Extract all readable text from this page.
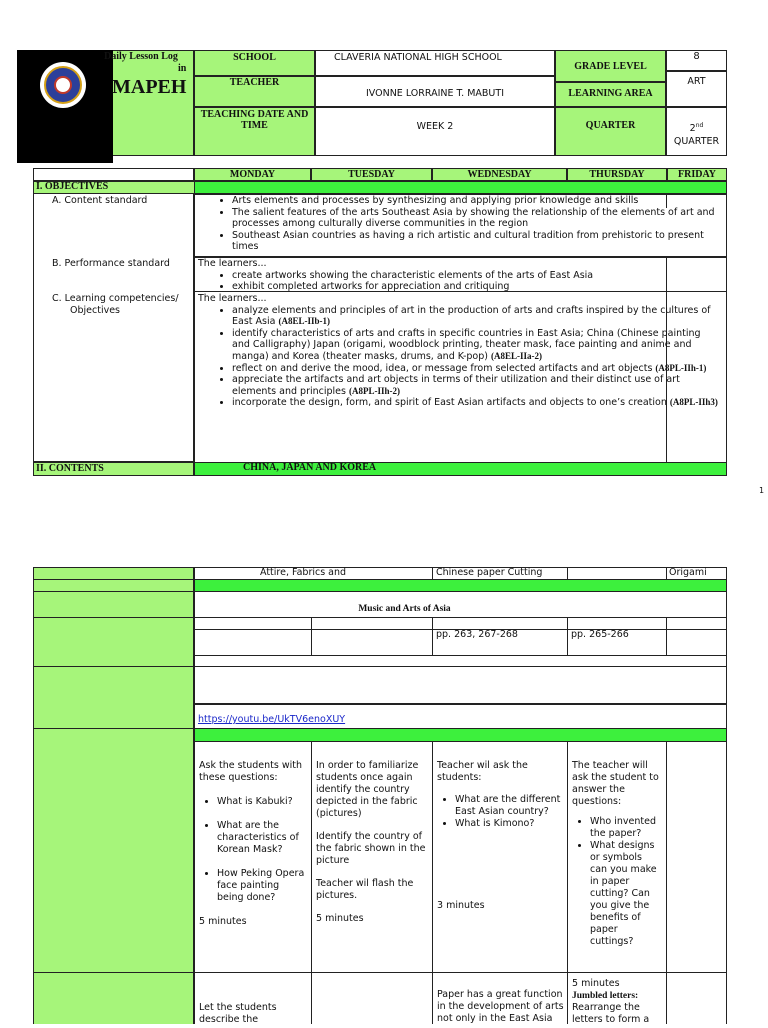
Daily Lesson Log
in
MAPEH
SCHOOL	CLAVERIA NATIONAL HIGH SCHOOL
GRADE LEVEL
8
TEACHER
IVONNE LORRAINE T. MABUTI	LEARNING AREA
ART
TEACHING DATE AND TIME	WEEK 2	QUARTER	2nd
QUARTER
MONDAY	TUESDAY	WEDNESDAY	THURSDAY	FRIDAY
I. OBJECTIVES
A. Content standard
•	Arts elements and processes by synthesizing and applying prior knowledge and skills
• The salient features of the arts Southeast Asia by showing the relationship of the elements of art and processes among culturally diverse communities in the region
• Southeast Asian countries as having a rich artistic and cultural tradition from prehistoric to present times
B. Performance standard	The learners...
• create artworks showing the characteristic elements of the arts of East Asia
• exhibit completed artworks for appreciation and critiquing
C. Learning competencies/
Objectives
The learners...
• analyze elements and principles of art in the production of arts and crafts inspired by the cultures of East Asia (A8EL-IIb-1)
• identify characteristics of arts and crafts in specific countries in East Asia; China (Chinese painting and Calligraphy) Japan (origami, woodblock printing, theater mask, face painting and anime and manga) and Korea (theater masks, drums, and K-pop) (A8EL-IIa-2)
• reflect on and derive the mood, idea, or message from selected artifacts and art objects (A8PL-IIh-1)
• appreciate the artifacts and art objects in terms of their utilization and their distinct use of art elements and principles (A8PL-IIh-2)
• incorporate the design, form, and spirit of East Asian artifacts and objects to one’s creation (A8PL-IIh3)
II. CONTENTS	CHINA, JAPAN AND KOREA
1
Attire, Fabrics and	Chinese paper Cutting	Origami
Music and Arts of Asia
pp. 263, 267-268	pp. 265-266
https://youtu.be/UkTV6enoXUY
Ask the students with these questions:
• What is Kabuki?
• What are the characteristics of Korean Mask?
• How Peking Opera face painting being done?
5 minutes
In order to familiarize students once again identify the country depicted in the fabric (pictures)
Identify the country of the fabric shown in the picture
Teacher wil flash the pictures.
5 minutes
Teacher wil ask the students:
• What are the different East Asian country?
• What is Kimono?
3 minutes
The teacher will ask the student to answer the questions:
• Who invented the paper?
• What designs or symbols can you make in paper cutting? Can you give the benefits of paper cuttings?
Let the students describe the
Paper has a great function in the development of arts not only in the East Asia
5 minutes
Jumbled letters:
Rearrange the letters to form a
